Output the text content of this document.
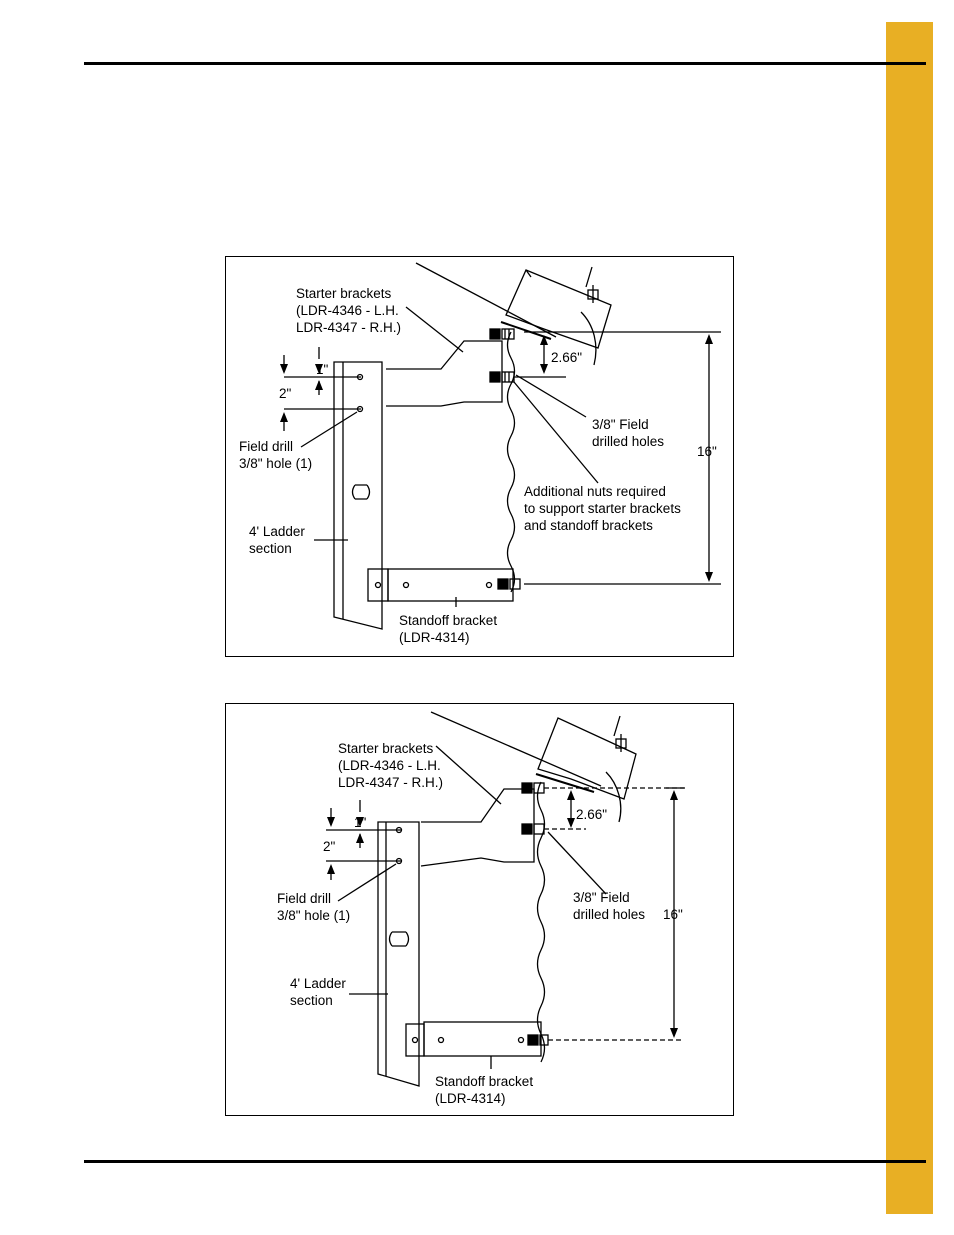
Starter brackets
(LDR-4346 - L.H.
LDR-4347 - R.H.)
1"
2"
2.66"
16"
Field drill
3/8" hole (1)
4' Ladder
section
3/8" Field
drilled holes
Additional nuts required
to support starter brackets
and standoff brackets
Standoff bracket
(LDR-4314)
Starter brackets
(LDR-4346 - L.H.
LDR-4347 - R.H.)
1"
2"
2.66"
16"
Field drill
3/8" hole (1)
4' Ladder
section
3/8" Field
drilled holes
Standoff bracket
(LDR-4314)
